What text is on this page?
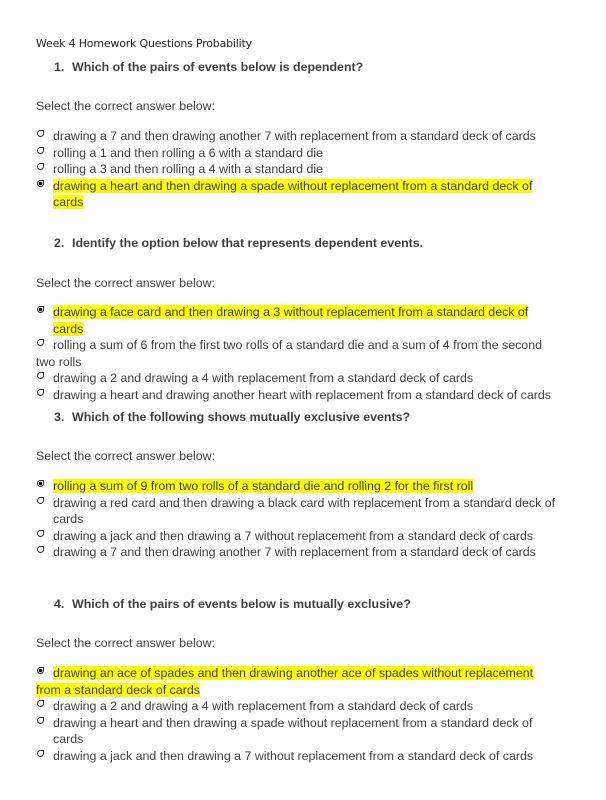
Week 4 Homework Questions Probability
1. Which of the pairs of events below is dependent?
Select the correct answer below:
drawing a 7 and then drawing another 7 with replacement from a standard deck of cards
rolling a 1 and then rolling a 6 with a standard die
rolling a 3 and then rolling a 4 with a standard die
drawing a heart and then drawing a spade without replacement from a standard deck of cards
2. Identify the option below that represents dependent events.
Select the correct answer below:
drawing a face card and then drawing a 3 without replacement from a standard deck of cards
rolling a sum of 6 from the first two rolls of a standard die and a sum of 4 from the second two rolls
drawing a 2 and drawing a 4 with replacement from a standard deck of cards
drawing a heart and drawing another heart with replacement from a standard deck of cards
3. Which of the following shows mutually exclusive events?
Select the correct answer below:
rolling a sum of 9 from two rolls of a standard die and rolling 2 for the first roll
drawing a red card and then drawing a black card with replacement from a standard deck of cards
drawing a jack and then drawing a 7 without replacement from a standard deck of cards
drawing a 7 and then drawing another 7 with replacement from a standard deck of cards
4. Which of the pairs of events below is mutually exclusive?
Select the correct answer below:
drawing an ace of spades and then drawing another ace of spades without replacement from a standard deck of cards
drawing a 2 and drawing a 4 with replacement from a standard deck of cards
drawing a heart and then drawing a spade without replacement from a standard deck of cards
drawing a jack and then drawing a 7 without replacement from a standard deck of cards
